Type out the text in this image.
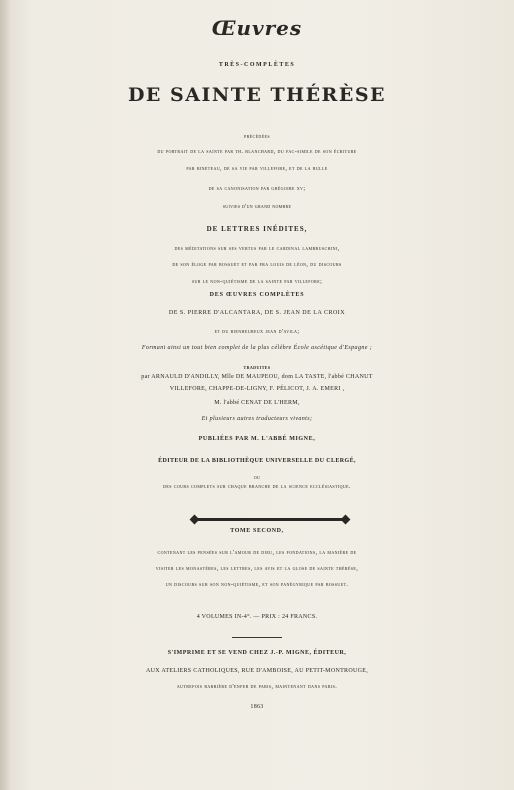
Œuvres
TRÈS-COMPLÈTES
DE SAINTE THÉRÈSE
précédées
du portrait de la sainte par th. blanchard, du fac-simile de son écriture
par bineteau, de sa vie par villefore, et de la bulle
de sa canonisation par grégoire xv;
suivies d'un grand nombre
DE LETTRES INÉDITES,
des méditations sur ses vertus par le cardinal lambruschini,
de son éloge par bossuet et par fra louis de léon, du discours
sur le non-quiétisme de la sainte par villefore;
DES ŒUVRES COMPLÈTES
DE S. PIERRE D'ALCANTARA, DE S. JEAN DE LA CROIX
et du bienheureux jean d'avila;
Formant ainsi un tout bien complet de la plus célèbre École ascétique d'Espagne ;
traduites
par ARNAULD D'ANDILLY, Mlle DE MAUPEOU, dom LA TASTE, l'abbé CHANUT
VILLEFORE, CHAPPE-DE-LIGNY, F. PÉLICOT, J. A. EMERI ,
M. l'abbé CENAT DE L'HERM,
Et plusieurs autres traducteurs vivants;
PUBLIÉES PAR M. L'ABBÉ MIGNE,
ÉDITEUR DE LA BIBLIOTHÈQUE UNIVERSELLE DU CLERGÉ,
ou
des cours complets sur chaque branche de la science ecclésiastique.
TOME SECOND,
contenant les pensées sur l'amour de dieu, les fondations, la manière de
visiter les monastères, les lettres, les avis et la glose de sainte thérèse,
un discours sur son non-quiétisme, et son panégyrique par bossuet.
4 VOLUMES IN-4°. — PRIX : 24 FRANCS.
S'IMPRIME ET SE VEND CHEZ J.-P. MIGNE, ÉDITEUR,
AUX ATELIERS CATHOLIQUES, RUE D'AMBOISE, AU PETIT-MONTROUGE,
autrefois barrière d'enfer de paris, maintenant dans paris.
1863
